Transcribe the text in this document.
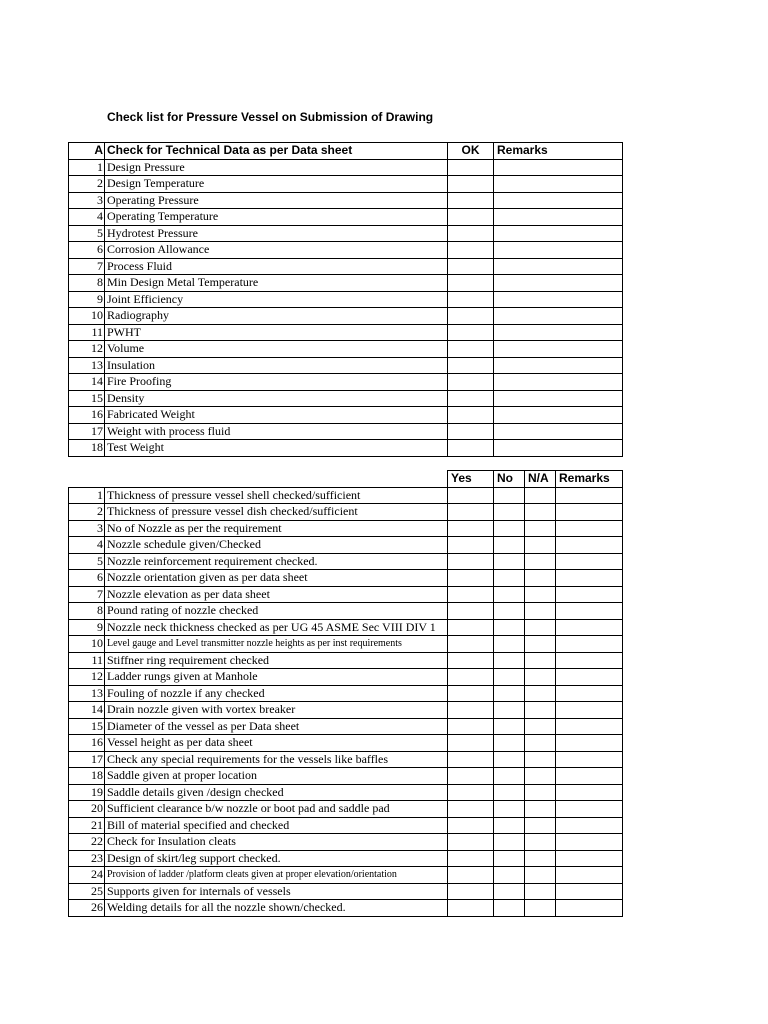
Check list for Pressure Vessel on Submission of Drawing
A	Check for Technical Data as per Data sheet	OK	Remarks
1	Design Pressure		
2	Design Temperature		
3	Operating Pressure		
4	Operating Temperature		
5	Hydrotest Pressure		
6	Corrosion Allowance		
7	Process Fluid		
8	Min Design Metal Temperature		
9	Joint Efficiency		
10	Radiography		
11	PWHT		
12	Volume		
13	Insulation		
14	Fire Proofing		
15	Density		
16	Fabricated Weight		
17	Weight with process fluid		
18	Test Weight		
		Yes	No	N/A	Remarks
1	Thickness of pressure vessel shell checked/sufficient				
2	Thickness of pressure vessel dish checked/sufficient				
3	No of Nozzle as per the requirement				
4	Nozzle schedule given/Checked				
5	Nozzle reinforcement requirement checked.				
6	Nozzle orientation given as per data sheet				
7	Nozzle elevation as per data sheet				
8	Pound rating of nozzle checked				
9	Nozzle neck thickness checked as per UG 45 ASME Sec VIII DIV 1				
10	Level gauge and Level transmitter nozzle heights as per inst requirements				
11	Stiffner ring requirement checked				
12	Ladder rungs given at Manhole				
13	Fouling of nozzle if any checked				
14	Drain nozzle given with vortex breaker				
15	Diameter of the vessel as per Data sheet				
16	Vessel height as per data sheet				
17	Check any special requirements for the vessels like baffles				
18	Saddle given at proper location				
19	Saddle details given /design checked				
20	Sufficient clearance b/w nozzle or boot pad and saddle pad				
21	Bill of material specified and checked				
22	Check for Insulation cleats				
23	Design of skirt/leg support checked.				
24	Provision of ladder /platform cleats given at proper elevation/orientation				
25	Supports given for internals of vessels				
26	Welding details for all the nozzle shown/checked.				
